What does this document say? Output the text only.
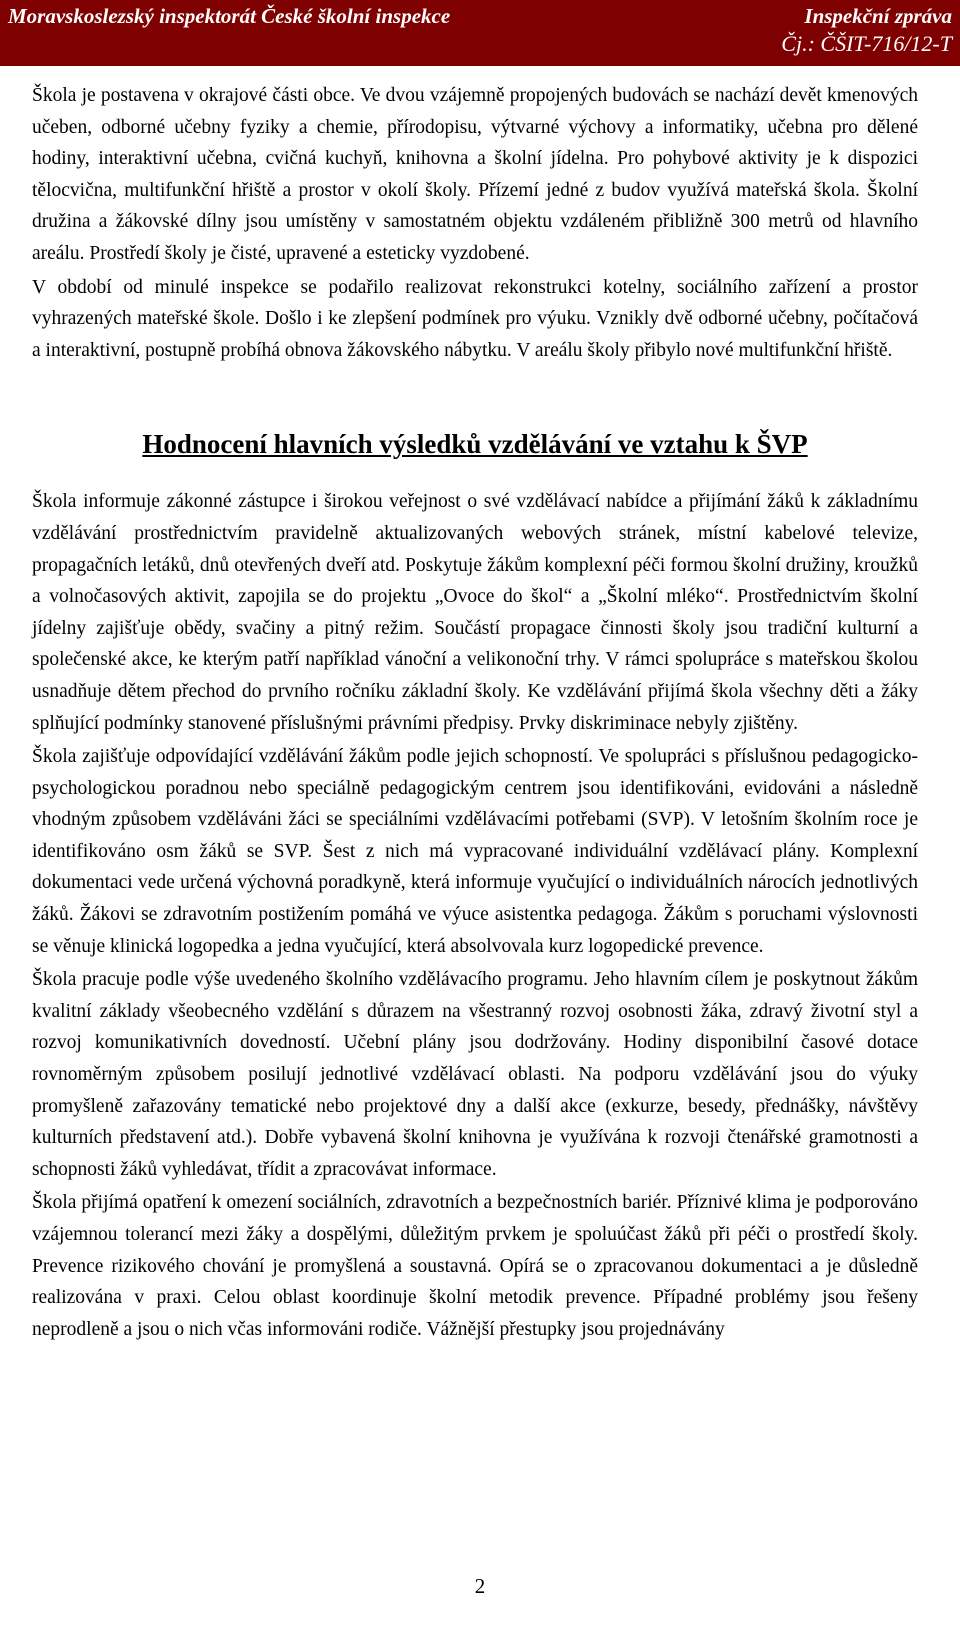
Moravskoslezský inspektorát České školní inspekce	Inspekční zpráva
Čj.: ČŠIT-716/12-T

Škola je postavena v okrajové části obce. Ve dvou vzájemně propojených budovách se nachází devět kmenových učeben, odborné učebny fyziky a chemie, přírodopisu, výtvarné výchovy a informatiky, učebna pro dělené hodiny, interaktivní učebna, cvičná kuchyň, knihovna a školní jídelna. Pro pohybové aktivity je k dispozici tělocvična, multifunkční hřiště a prostor v okolí školy. Přízemí jedné z budov využívá mateřská škola. Školní družina a žákovské dílny jsou umístěny v samostatném objektu vzdáleném přibližně 300 metrů od hlavního areálu. Prostředí školy je čisté, upravené a esteticky vyzdobené.

V období od minulé inspekce se podařilo realizovat rekonstrukci kotelny, sociálního zařízení a prostor vyhrazených mateřské škole. Došlo i ke zlepšení podmínek pro výuku. Vznikly dvě odborné učebny, počítačová a interaktivní, postupně probíhá obnova žákovského nábytku. V areálu školy přibylo nové multifunkční hřiště.

Hodnocení hlavních výsledků vzdělávání ve vztahu k ŠVP

Škola informuje zákonné zástupce i širokou veřejnost o své vzdělávací nabídce a přijímání žáků k základnímu vzdělávání prostřednictvím pravidelně aktualizovaných webových stránek, místní kabelové televize, propagačních letáků, dnů otevřených dveří atd. Poskytuje žákům komplexní péči formou školní družiny, kroužků a volnočasových aktivit, zapojila se do projektu „Ovoce do škol“ a „Školní mléko“. Prostřednictvím školní jídelny zajišťuje obědy, svačiny a pitný režim. Součástí propagace činnosti školy jsou tradiční kulturní a společenské akce, ke kterým patří například vánoční a velikonoční trhy. V rámci spolupráce s mateřskou školou usnadňuje dětem přechod do prvního ročníku základní školy. Ke vzdělávání přijímá škola všechny děti a žáky splňující podmínky stanovené příslušnými právními předpisy. Prvky diskriminace nebyly zjištěny.

Škola zajišťuje odpovídající vzdělávání žákům podle jejich schopností. Ve spolupráci s příslušnou pedagogicko-psychologickou poradnou nebo speciálně pedagogickým centrem jsou identifikováni, evidováni a následně vhodným způsobem vzděláváni žáci se speciálními vzdělávacími potřebami (SVP). V letošním školním roce je identifikováno osm žáků se SVP. Šest z nich má vypracované individuální vzdělávací plány. Komplexní dokumentaci vede určená výchovná poradkyně, která informuje vyučující o individuálních nárocích jednotlivých žáků. Žákovi se zdravotním postižením pomáhá ve výuce asistentka pedagoga. Žákům s poruchami výslovnosti se věnuje klinická logopedka a jedna vyučující, která absolvovala kurz logopedické prevence.

Škola pracuje podle výše uvedeného školního vzdělávacího programu. Jeho hlavním cílem je poskytnout žákům kvalitní základy všeobecného vzdělání s důrazem na všestranný rozvoj osobnosti žáka, zdravý životní styl a rozvoj komunikativních dovedností. Učební plány jsou dodržovány. Hodiny disponibilní časové dotace rovnoměrným způsobem posilují jednotlivé vzdělávací oblasti. Na podporu vzdělávání jsou do výuky promyšleně zařazovány tematické nebo projektové dny a další akce (exkurze, besedy, přednášky, návštěvy kulturních představení atd.). Dobře vybavená školní knihovna je využívána k rozvoji čtenářské gramotnosti a schopnosti žáků vyhledávat, třídit a zpracovávat informace.

Škola přijímá opatření k omezení sociálních, zdravotních a bezpečnostních bariér. Příznivé klima je podporováno vzájemnou tolerancí mezi žáky a dospělými, důležitým prvkem je spoluúčast žáků při péči o prostředí školy. Prevence rizikového chování je promyšlená a soustavná. Opírá se o zpracovanou dokumentaci a je důsledně realizována v praxi. Celou oblast koordinuje školní metodik prevence. Případné problémy jsou řešeny neprodleně a jsou o nich včas informováni rodiče. Vážnější přestupky jsou projednávány

2
